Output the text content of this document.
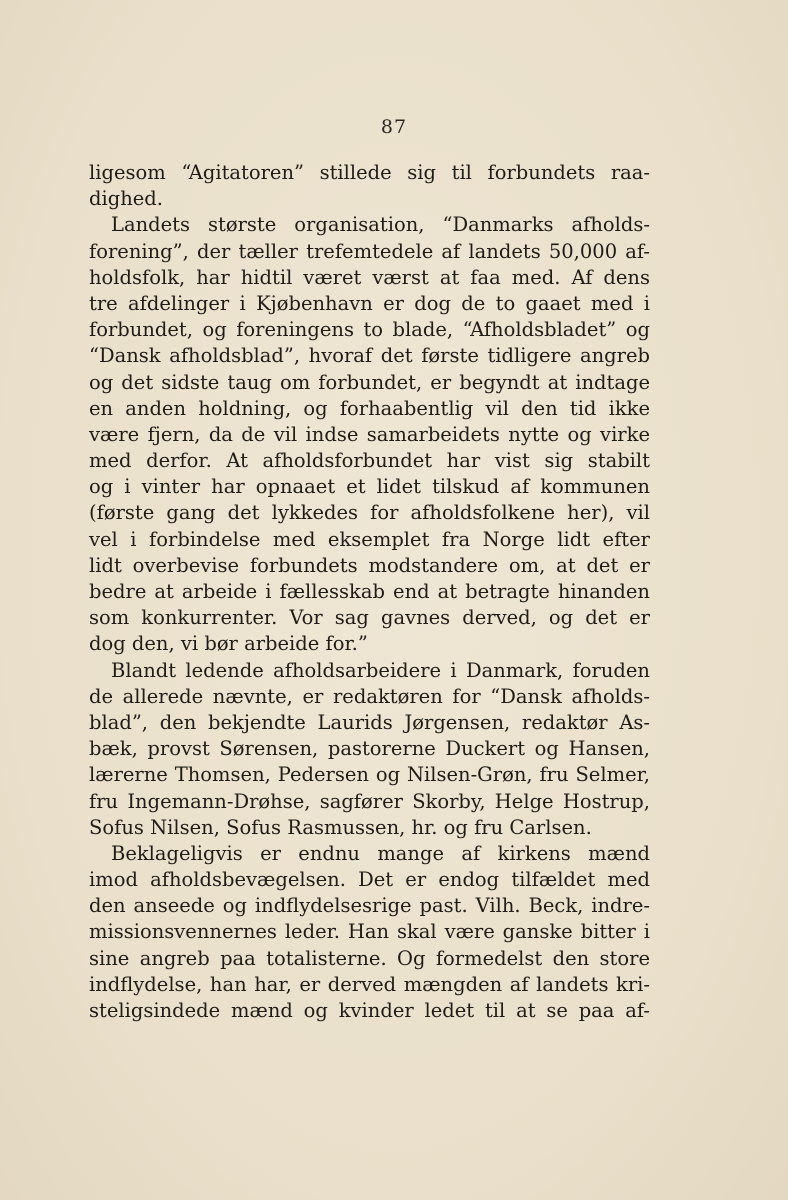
87
ligesom “Agitatoren” stillede sig til forbundets raa-
dighed.
Landets største organisation, “Danmarks afholds-
forening”, der tæller trefemtedele af landets 50,000 af-
holdsfolk, har hidtil været værst at faa med. Af dens
tre afdelinger i Kjøbenhavn er dog de to gaaet med i
forbundet, og foreningens to blade, “Afholdsbladet” og
“Dansk afholdsblad”, hvoraf det første tidligere angreb
og det sidste taug om forbundet, er begyndt at indtage
en anden holdning, og forhaabentlig vil den tid ikke
være fjern, da de vil indse samarbeidets nytte og virke
med derfor. At afholdsforbundet har vist sig stabilt
og i vinter har opnaaet et lidet tilskud af kommunen
(første gang det lykkedes for afholdsfolkene her), vil
vel i forbindelse med eksemplet fra Norge lidt efter
lidt overbevise forbundets modstandere om, at det er
bedre at arbeide i fællesskab end at betragte hinanden
som konkurrenter. Vor sag gavnes derved, og det er
dog den, vi bør arbeide for.”
Blandt ledende afholdsarbeidere i Danmark, foruden
de allerede nævnte, er redaktøren for “Dansk afholds-
blad”, den bekjendte Laurids Jørgensen, redaktør As-
bæk, provst Sørensen, pastorerne Duckert og Hansen,
lærerne Thomsen, Pedersen og Nilsen-Grøn, fru Selmer,
fru Ingemann-Drøhse, sagfører Skorby, Helge Hostrup,
Sofus Nilsen, Sofus Rasmussen, hr. og fru Carlsen.
Beklageligvis er endnu mange af kirkens mænd
imod afholdsbevægelsen. Det er endog tilfældet med
den anseede og indflydelsesrige past. Vilh. Beck, indre-
missionsvennernes leder. Han skal være ganske bitter i
sine angreb paa totalisterne. Og formedelst den store
indflydelse, han har, er derved mængden af landets kri-
steligsindede mænd og kvinder ledet til at se paa af-
